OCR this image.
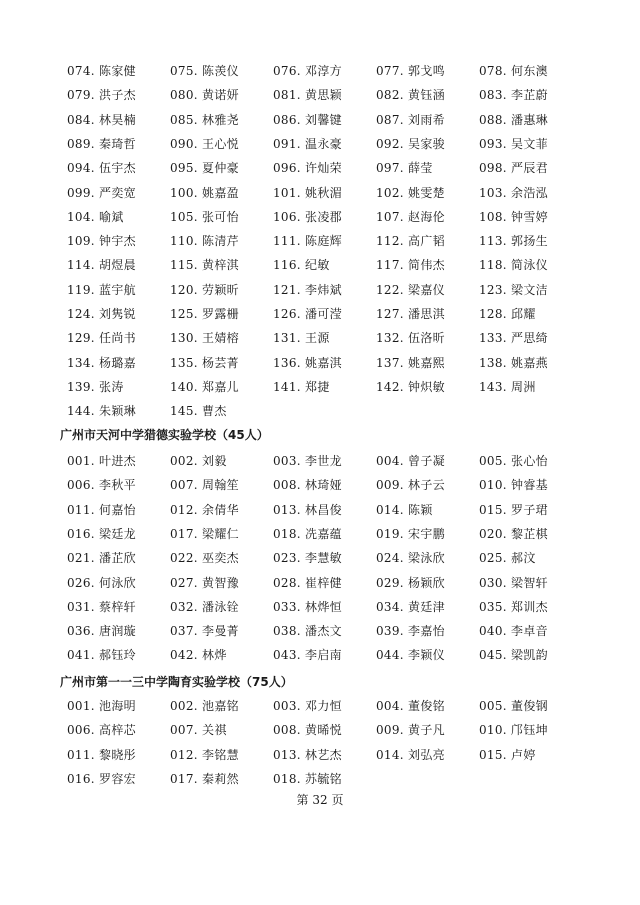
074. 陈家健	075. 陈羡仪	076. 邓淳方	077. 郭戈鸣	078. 何东澳
079. 洪子杰	080. 黄诺妍	081. 黄思颖	082. 黄钰涵	083. 李芷蔚
084. 林昊楠	085. 林雅尧	086. 刘馨键	087. 刘雨希	088. 潘惠琳
089. 秦琦哲	090. 王心悦	091. 温永豪	092. 吴家骏	093. 吴文菲
094. 伍宇杰	095. 夏仲豪	096. 许灿荣	097. 薛莹	098. 严辰君
099. 严奕宽	100. 姚嘉盈	101. 姚秋湄	102. 姚雯楚	103. 余浩泓
104. 喻斌	105. 张可怡	106. 张凌郡	107. 赵海伦	108. 钟雪婷
109. 钟宇杰	110. 陈清芹	111. 陈庭辉	112. 高广韬	113. 郭扬生
114. 胡煜晨	115. 黄梓淇	116. 纪敏	117. 简伟杰	118. 简泳仪
119. 蓝宇航	120. 劳颖昕	121. 李炜斌	122. 梁嘉仪	123. 梁文洁
124. 刘隽锐	125. 罗露栅	126. 潘可滢	127. 潘思淇	128. 邱耀
129. 任尚书	130. 王婧榕	131. 王源	132. 伍洛昕	133. 严思绮
134. 杨璐嘉	135. 杨芸菁	136. 姚嘉淇	137. 姚嘉熙	138. 姚嘉燕
139. 张涛	140. 郑嘉儿	141. 郑捷	142. 钟炽敏	143. 周洲
144. 朱颖琳	145. 曹杰
广州市天河中学猎德实验学校（45人）
001. 叶进杰	002. 刘毅	003. 李世龙	004. 曾子凝	005. 张心怡
006. 李秋平	007. 周翰笙	008. 林琦娅	009. 林子云	010. 钟睿基
011. 何嘉怡	012. 余倩华	013. 林昌俊	014. 陈颖	015. 罗子珺
016. 梁廷龙	017. 梁耀仁	018. 冼嘉蕴	019. 宋宇鹏	020. 黎芷棋
021. 潘芷欣	022. 巫奕杰	023. 李慧敏	024. 梁泳欣	025. 郝汶
026. 何泳欣	027. 黄智豫	028. 崔梓健	029. 杨颖欣	030. 梁智轩
031. 蔡梓轩	032. 潘泳铨	033. 林烨恒	034. 黄廷津	035. 郑训杰
036. 唐润璇	037. 李曼菁	038. 潘杰文	039. 李嘉怡	040. 李卓音
041. 郝钰玲	042. 林烨	043. 李启南	044. 李颖仪	045. 梁凯韵
广州市第一一三中学陶育实验学校（75人）
001. 池海明	002. 池嘉铭	003. 邓力恒	004. 董俊铭	005. 董俊钢
006. 高梓芯	007. 关祺	008. 黄晞悦	009. 黄子凡	010. 邝钰坤
011. 黎晓彤	012. 李铭慧	013. 林艺杰	014. 刘弘亮	015. 卢婷
016. 罗容宏	017. 秦莉然	018. 苏毓铭
第 32 页
